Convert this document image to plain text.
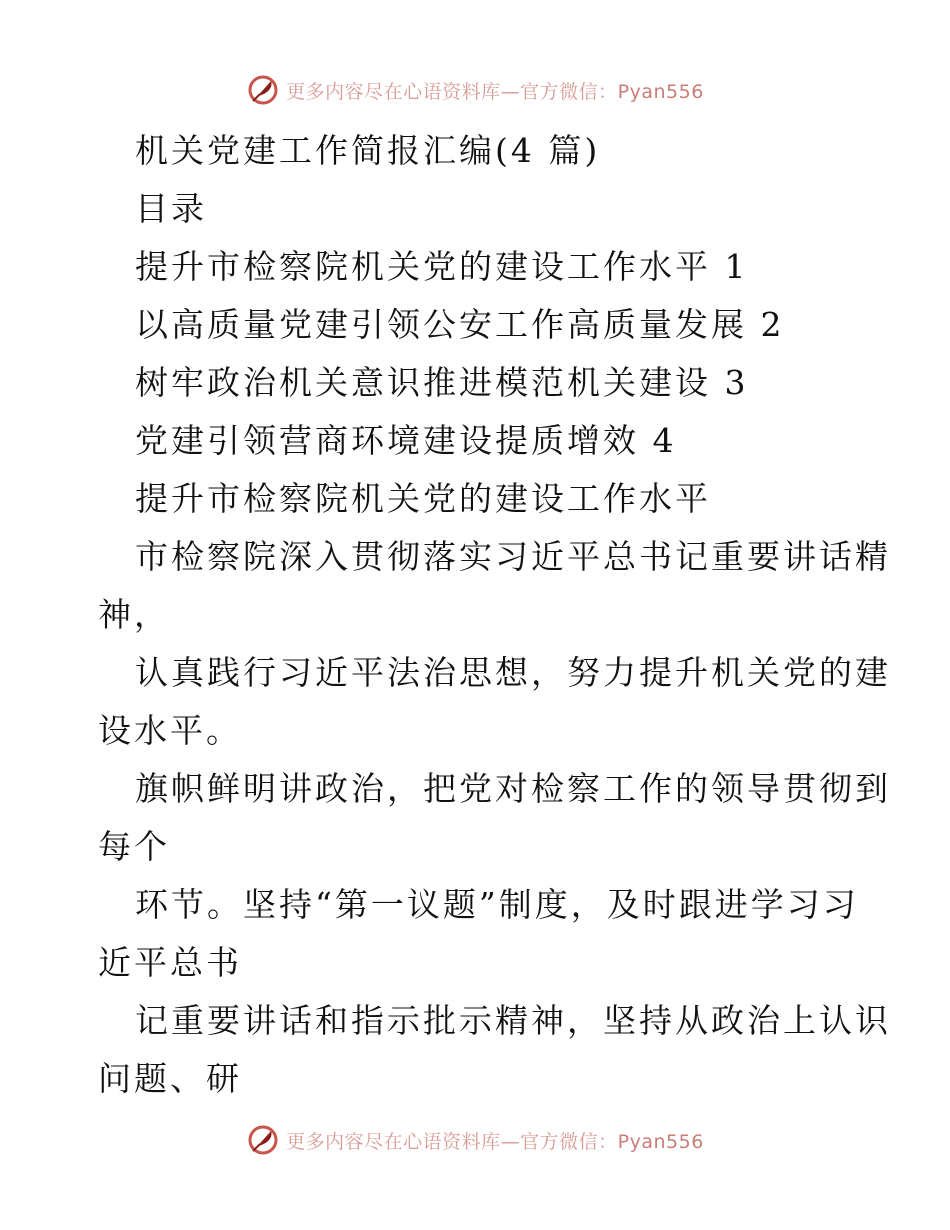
更多内容尽在心语资料库—官方微信：Pyan556
机关党建工作简报汇编(4 篇)
目录
提升市检察院机关党的建设工作水平 1
以高质量党建引领公安工作高质量发展 2
树牢政治机关意识推进模范机关建设 3
党建引领营商环境建设提质增效 4
提升市检察院机关党的建设工作水平
市检察院深入贯彻落实习近平总书记重要讲话精
神，
认真践行习近平法治思想，努力提升机关党的建
设水平。
旗帜鲜明讲政治，把党对检察工作的领导贯彻到
每个
环节。坚持“第一议题”制度，及时跟进学习习
近平总书
记重要讲话和指示批示精神，坚持从政治上认识
问题、研
更多内容尽在心语资料库—官方微信：Pyan556
